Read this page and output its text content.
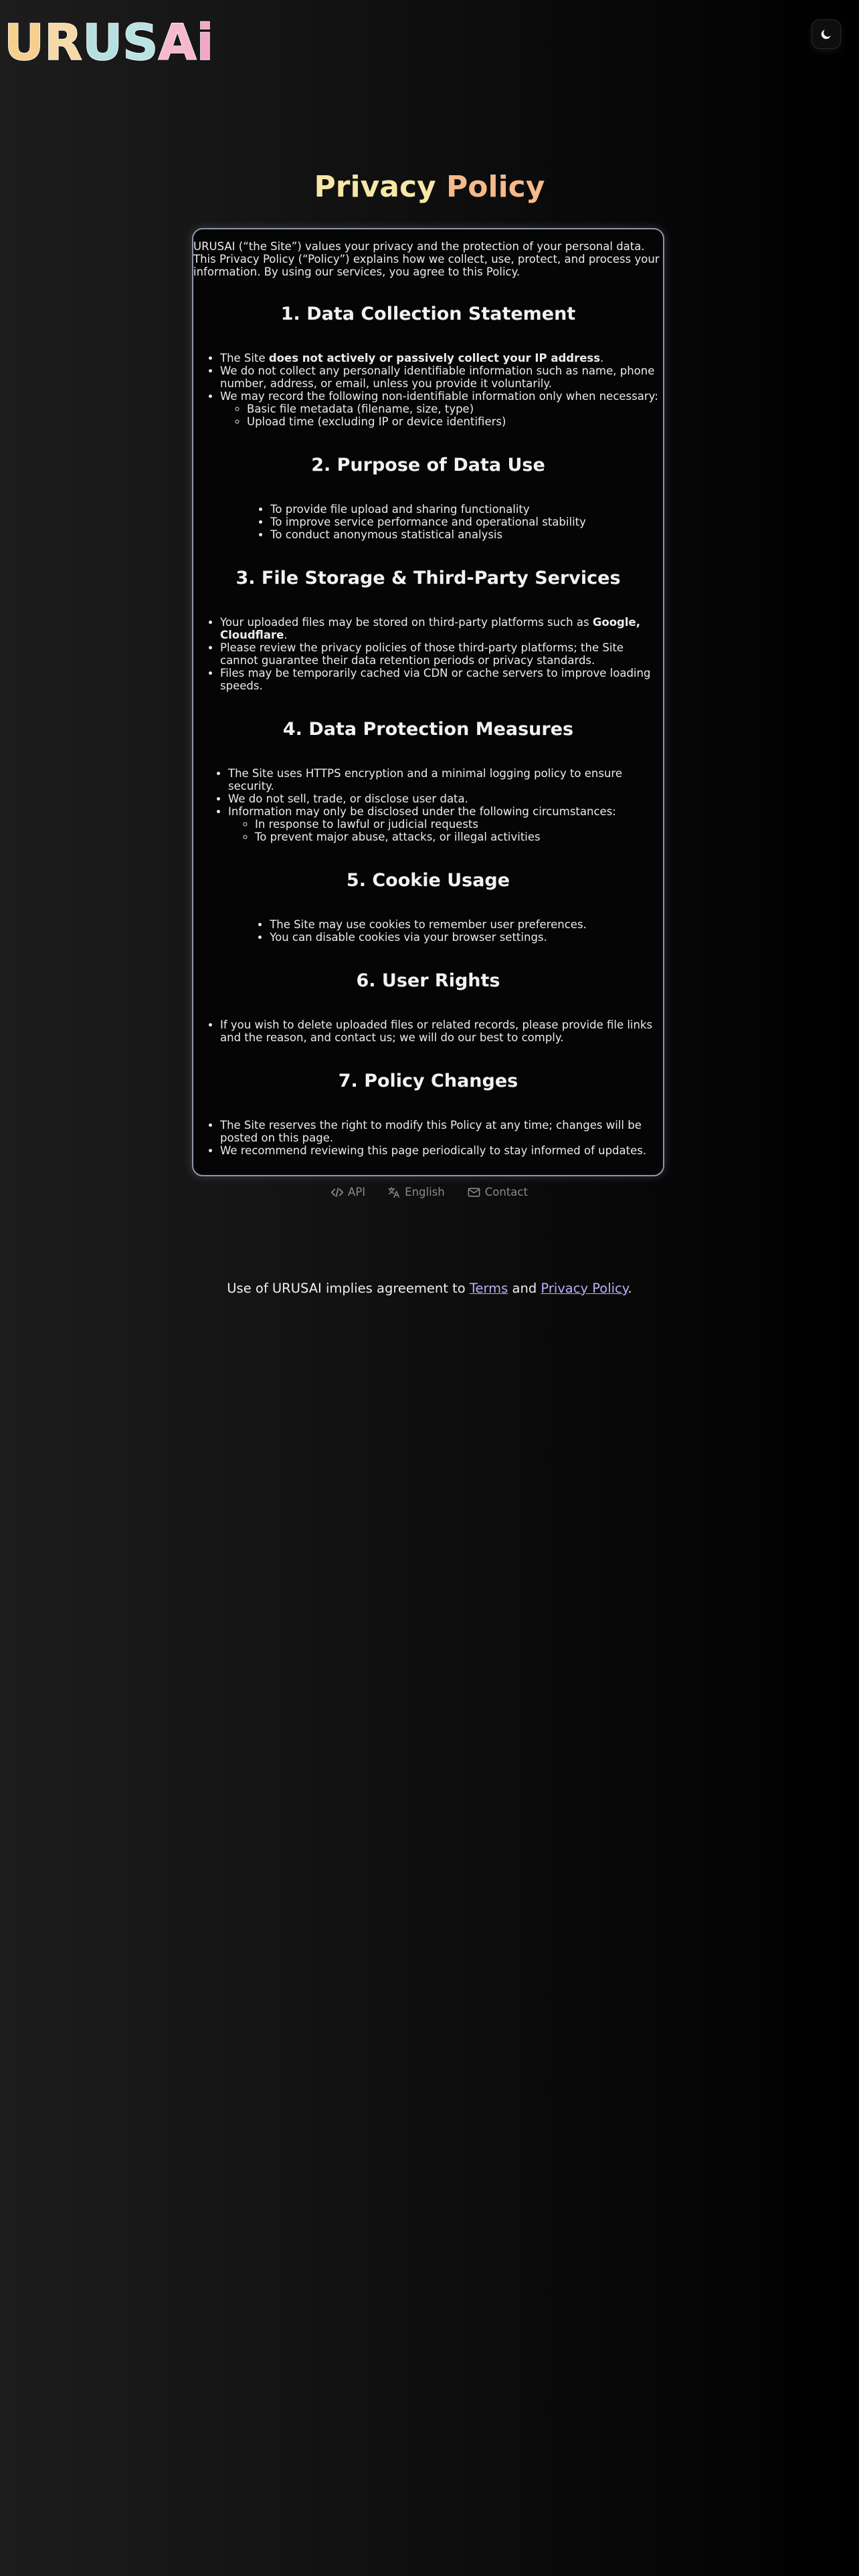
U R U S A i
Privacy Policy

URUSAI (“the Site”) values your privacy and the protection of your personal data. This Privacy Policy (“Policy”) explains how we collect, use, protect, and process your information. By using our services, you agree to this Policy.

1. Data Collection Statement
• The Site does not actively or passively collect your IP address.
• We do not collect any personally identifiable information such as name, phone number, address, or email, unless you provide it voluntarily.
• We may record the following non-identifiable information only when necessary:
◦ Basic file metadata (filename, size, type)
◦ Upload time (excluding IP or device identifiers)
2. Purpose of Data Use
• To provide file upload and sharing functionality
• To improve service performance and operational stability
• To conduct anonymous statistical analysis
3. File Storage & Third-Party Services
• Your uploaded files may be stored on third-party platforms such as Google, Cloudflare.
• Please review the privacy policies of those third-party platforms; the Site cannot guarantee their data retention periods or privacy standards.
• Files may be temporarily cached via CDN or cache servers to improve loading speeds.
4. Data Protection Measures
• The Site uses HTTPS encryption and a minimal logging policy to ensure security.
• We do not sell, trade, or disclose user data.
• Information may only be disclosed under the following circumstances:
◦ In response to lawful or judicial requests
◦ To prevent major abuse, attacks, or illegal activities
5. Cookie Usage
• The Site may use cookies to remember user preferences.
• You can disable cookies via your browser settings.
6. User Rights
• If you wish to delete uploaded files or related records, please provide file links and the reason, and contact us; we will do our best to comply.
7. Policy Changes
• The Site reserves the right to modify this Policy at any time; changes will be posted on this page.
• We recommend reviewing this page periodically to stay informed of updates.

API	English	Contact
Use of URUSAI implies agreement to Terms and Privacy Policy.
